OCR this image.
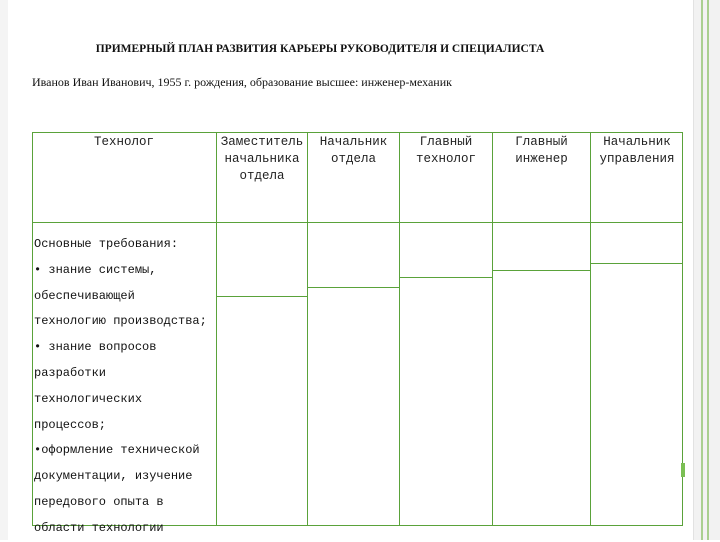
ПРИМЕРНЫЙ ПЛАН РАЗВИТИЯ КАРЬЕРЫ РУКОВОДИТЕЛЯ И СПЕЦИАЛИСТА
Иванов Иван Иванович, 1955 г. рождения, образование высшее: инженер-механик
Технолог	Заместитель начальника отдела
Начальник отдела
Главный технолог
Главный инженер
Начальник управления
Основные требования:
• знание системы,
обеспечивающей
технологию производства;
• знание вопросов
разработки
технологических
процессов;
•оформление технической
документации, изучение
передового опыта в
области технологии
